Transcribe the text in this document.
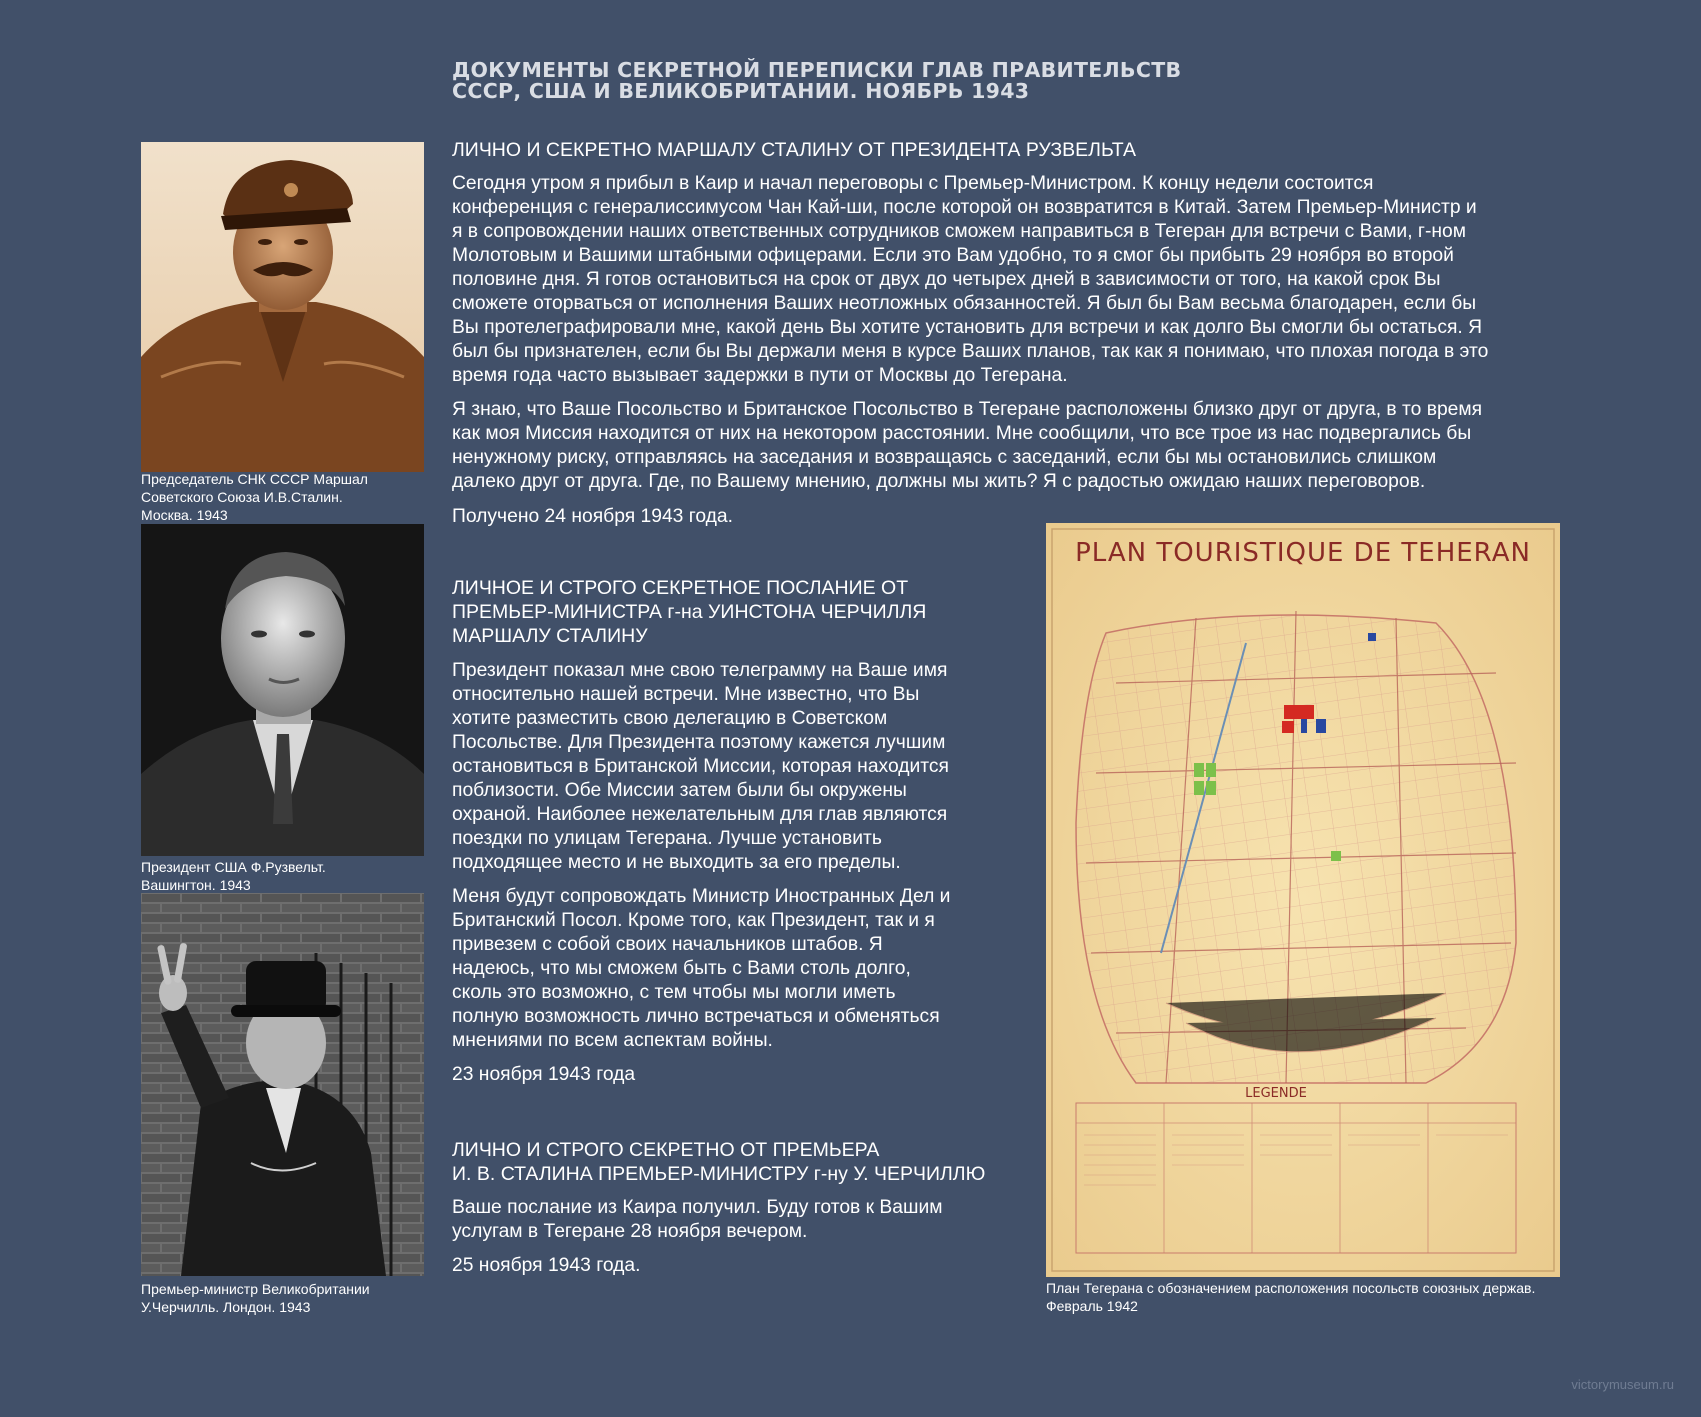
ДОКУМЕНТЫ СЕКРЕТНОЙ ПЕРЕПИСКИ ГЛАВ ПРАВИТЕЛЬСТВ
СССР, США И ВЕЛИКОБРИТАНИИ. НОЯБРЬ 1943
Председатель СНК СССР Маршал
Советского Союза И.В.Сталин.
Москва. 1943
Президент США Ф.Рузвельт.
Вашингтон. 1943
Премьер-министр Великобритании
У.Черчилль. Лондон. 1943
PLAN TOURISTIQUE DE TEHERAN
LEGENDE
План Тегерана с обозначением расположения посольств союзных держав.
Февраль 1942
ЛИЧНО И СЕКРЕТНО МАРШАЛУ СТАЛИНУ ОТ ПРЕЗИДЕНТА РУЗВЕЛЬТА
Сегодня утром я прибыл в Каир и начал переговоры с Премьер-Министром. К концу недели состоится
конференция с генералиссимусом Чан Кай-ши, после которой он возвратится в Китай. Затем Премьер-Министр и
я в сопровождении наших ответственных сотрудников сможем направиться в Тегеран для встречи с Вами, г-ном
Молотовым и Вашими штабными офицерами. Если это Вам удобно, то я смог бы прибыть 29 ноября во второй
половине дня. Я готов остановиться на срок от двух до четырех дней в зависимости от того, на какой срок Вы
сможете оторваться от исполнения Ваших неотложных обязанностей. Я был бы Вам весьма благодарен, если бы
Вы протелеграфировали мне, какой день Вы хотите установить для встречи и как долго Вы смогли бы остаться. Я
был бы признателен, если бы Вы держали меня в курсе Ваших планов, так как я понимаю, что плохая погода в это
время года часто вызывает задержки в пути от Москвы до Тегерана.
Я знаю, что Ваше Посольство и Британское Посольство в Тегеране расположены близко друг от друга, в то время
как моя Миссия находится от них на некотором расстоянии. Мне сообщили, что все трое из нас подвергались бы
ненужному риску, отправляясь на заседания и возвращаясь с заседаний, если бы мы остановились слишком
далеко друг от друга. Где, по Вашему мнению, должны мы жить? Я с радостью ожидаю наших переговоров.
Получено 24 ноября 1943 года.
ЛИЧНОЕ И СТРОГО СЕКРЕТНОЕ ПОСЛАНИЕ ОТ
ПРЕМЬЕР-МИНИСТРА г-на УИНСТОНА ЧЕРЧИЛЛЯ
МАРШАЛУ СТАЛИНУ
Президент показал мне свою телеграмму на Ваше имя
относительно нашей встречи. Мне известно, что Вы
хотите разместить свою делегацию в Советском
Посольстве. Для Президента поэтому кажется лучшим
остановиться в Британской Миссии, которая находится
поблизости. Обе Миссии затем были бы окружены
охраной. Наиболее нежелательным для глав являются
поездки по улицам Тегерана. Лучше установить
подходящее место и не выходить за его пределы.
Меня будут сопровождать Министр Иностранных Дел и
Британский Посол. Кроме того, как Президент, так и я
привезем с собой своих начальников штабов. Я
надеюсь, что мы сможем быть с Вами столь долго,
сколь это возможно, с тем чтобы мы могли иметь
полную возможность лично встречаться и обменяться
мнениями по всем аспектам войны.
23 ноября 1943 года
ЛИЧНО И СТРОГО СЕКРЕТНО ОТ ПРЕМЬЕРА
И. В. СТАЛИНА ПРЕМЬЕР-МИНИСТРУ г-ну У. ЧЕРЧИЛЛЮ
Ваше послание из Каира получил. Буду готов к Вашим
услугам в Тегеране 28 ноября вечером.
25 ноября 1943 года.
victorymuseum.ru
